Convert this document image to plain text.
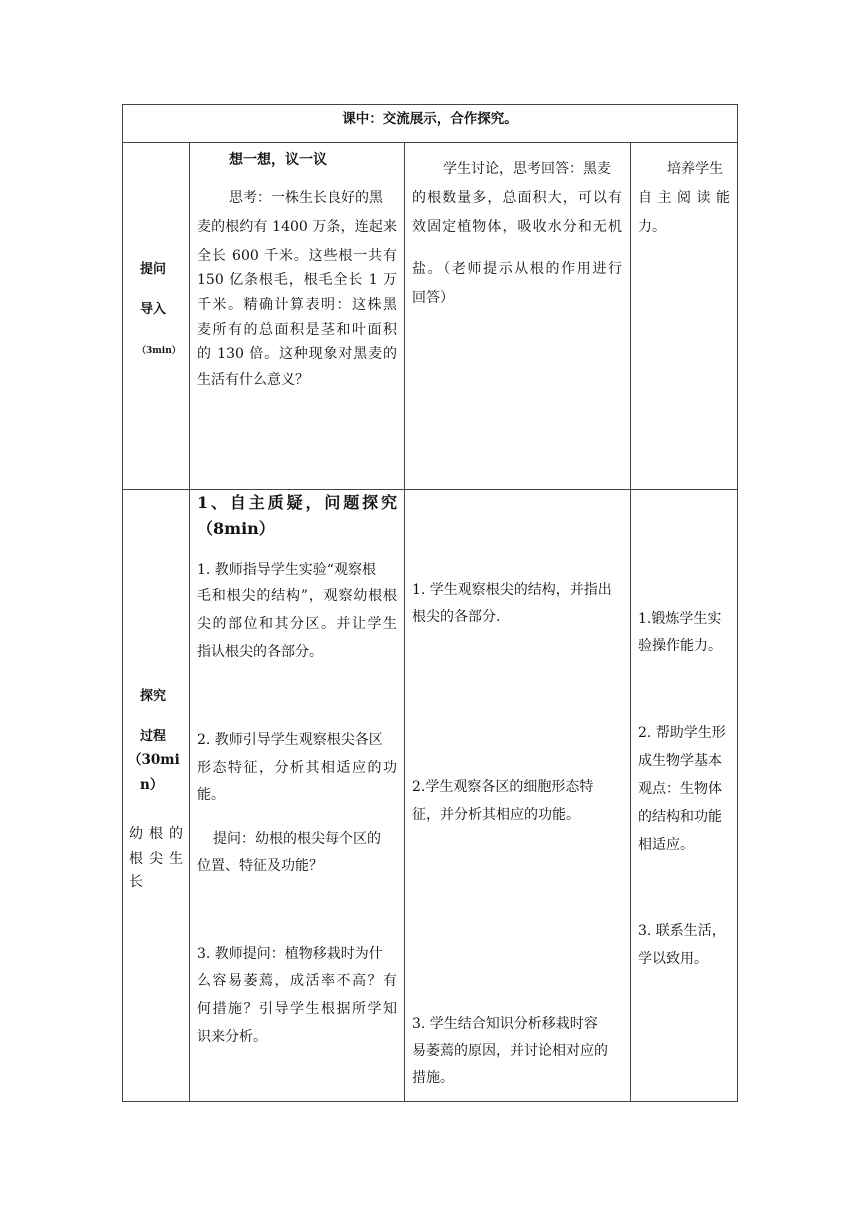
课中：交流展示，合作探究。
提问
导入
（3min）
想一想，议一议
思考：一株生长良好的黑
麦的根约有 1400 万条，连起来
全长 600 千米。这些根一共有
150 亿条根毛，根毛全长 1 万
千米。精确计算表明：这株黑
麦所有的总面积是茎和叶面积
的 130 倍。这种现象对黑麦的
生活有什么意义？
学生讨论，思考回答：黑麦
的根数量多，总面积大，可以有
效固定植物体，吸收水分和无机
盐。（老师提示从根的作用进行
回答）
培养学生
自 主 阅 读 能
力。
探究
过程
（30mi
n）
幼 根 的
根 尖 生
长
1、自主质疑，问题探究
（8min）
1. 教师指导学生实验“观察根
毛和根尖的结构”，观察幼根根
尖的部位和其分区。并让学生
指认根尖的各部分。
2. 教师引导学生观察根尖各区
形态特征，分析其相适应的功
能。
提问：幼根的根尖每个区的
位置、特征及功能？
3. 教师提问：植物移栽时为什
么容易萎蔫，成活率不高？有
何措施？引导学生根据所学知
识来分析。
1. 学生观察根尖的结构，并指出
根尖的各部分.
2.学生观察各区的细胞形态特
征，并分析其相应的功能。
3. 学生结合知识分析移栽时容
易萎蔫的原因，并讨论相对应的
措施。
1.锻炼学生实
验操作能力。
2. 帮助学生形
成生物学基本
观点：生物体
的结构和功能
相适应。
3. 联系生活，
学以致用。
